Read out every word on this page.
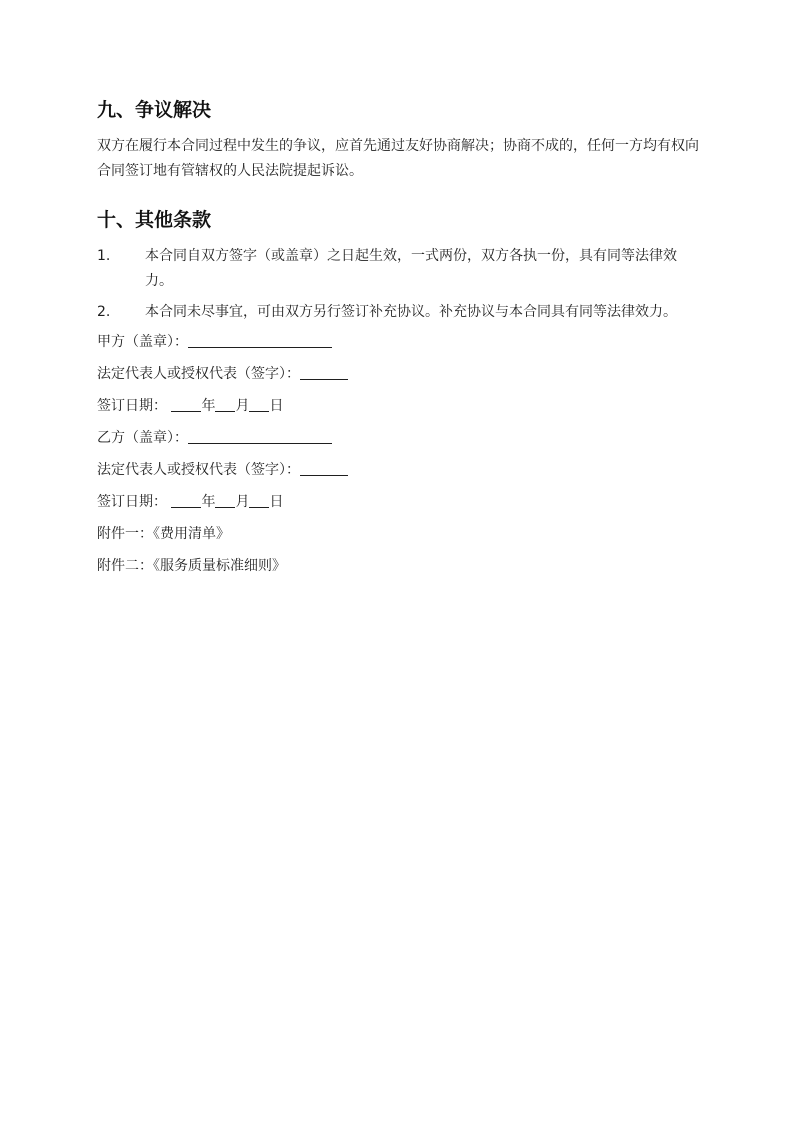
九、争议解决

双方在履行本合同过程中发生的争议，应首先通过友好协商解决；协商不成的，任何一方均有权向合同签订地有管辖权的人民法院提起诉讼。

十、其他条款
1.	本合同自双方签字（或盖章）之日起生效，一式两份，双方各执一份，具有同等法律效力。
2.	本合同未尽事宜，可由双方另行签订补充协议。补充协议与本合同具有同等法律效力。
甲方（盖章）：
法定代表人或授权代表（签字）：
签订日期： 年 月 日
乙方（盖章）：
法定代表人或授权代表（签字）：
签订日期： 年 月 日
附件一：《费用清单》
附件二：《服务质量标准细则》
